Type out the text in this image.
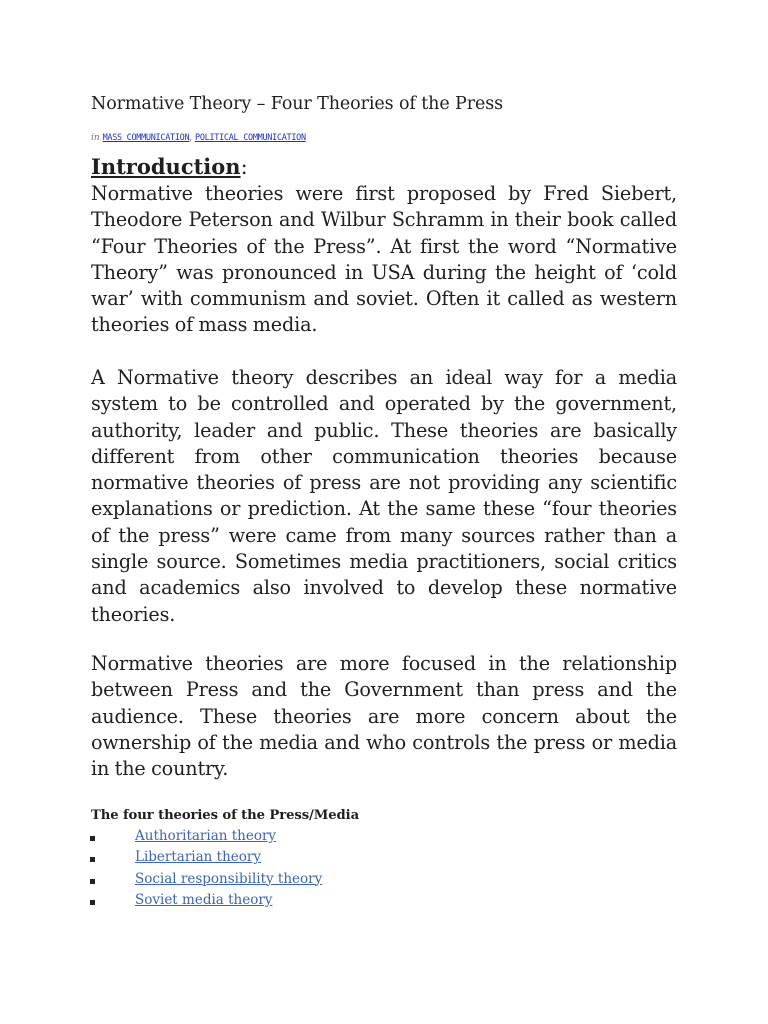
Normative Theory – Four Theories of the Press
in MASS COMMUNICATION, POLITICAL COMMUNICATION
Introduction:

Normative theories were first proposed by Fred Siebert, Theodore Peterson and Wilbur Schramm in their book called “Four Theories of the Press”. At first the word “Normative Theory” was pronounced in USA during the height of ‘cold war’ with communism and soviet. Often it called as western theories of mass media.

A Normative theory describes an ideal way for a media system to be controlled and operated by the government, authority, leader and public. These theories are basically different from other communication theories because normative theories of press are not providing any scientific explanations or prediction. At the same these “four theories of the press” were came from many sources rather than a single source. Sometimes media practitioners, social critics and academics also involved to develop these normative theories.

Normative theories are more focused in the relationship between Press and the Government than press and the audience. These theories are more concern about the ownership of the media and who controls the press or media in the country.

The four theories of the Press/Media
Authoritarian theory
Libertarian theory
Social responsibility theory
Soviet media theory
